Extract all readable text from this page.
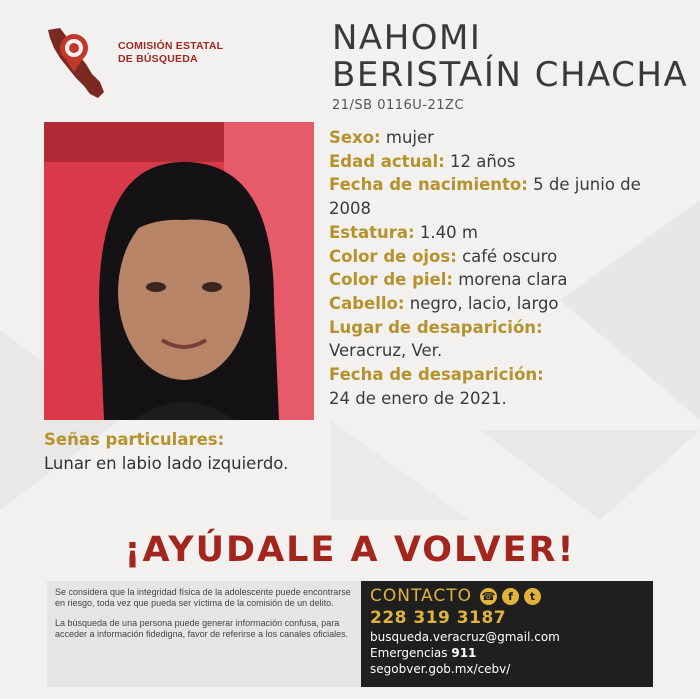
COMISIÓN ESTATAL
DE BÚSQUEDA
NAHOMI
BERISTAÍN CHACHA
21/SB 0116U-21ZC
Sexo: mujer
Edad actual: 12 años
Fecha de nacimiento: 5 de junio de 2008
Estatura: 1.40 m
Color de ojos: café oscuro
Color de piel: morena clara
Cabello: negro, lacio, largo
Lugar de desaparición:
Veracruz, Ver.
Fecha de desaparición:
24 de enero de 2021.
Señas particulares:
Lunar en labio lado izquierdo.
¡AYÚDALE A VOLVER!

Se considera que la integridad física de la adolescente puede encontrarse en riesgo, toda vez que pueda ser víctima de la comisión de un delito.

La búsqueda de una persona puede generar información confusa, para acceder a información fidedigna, favor de referirse a los canales oficiales.

CONTACTO ☎	f	t
228 319 3187
busqueda.veracruz@gmail.com
Emergencias 911
segobver.gob.mx/cebv/
